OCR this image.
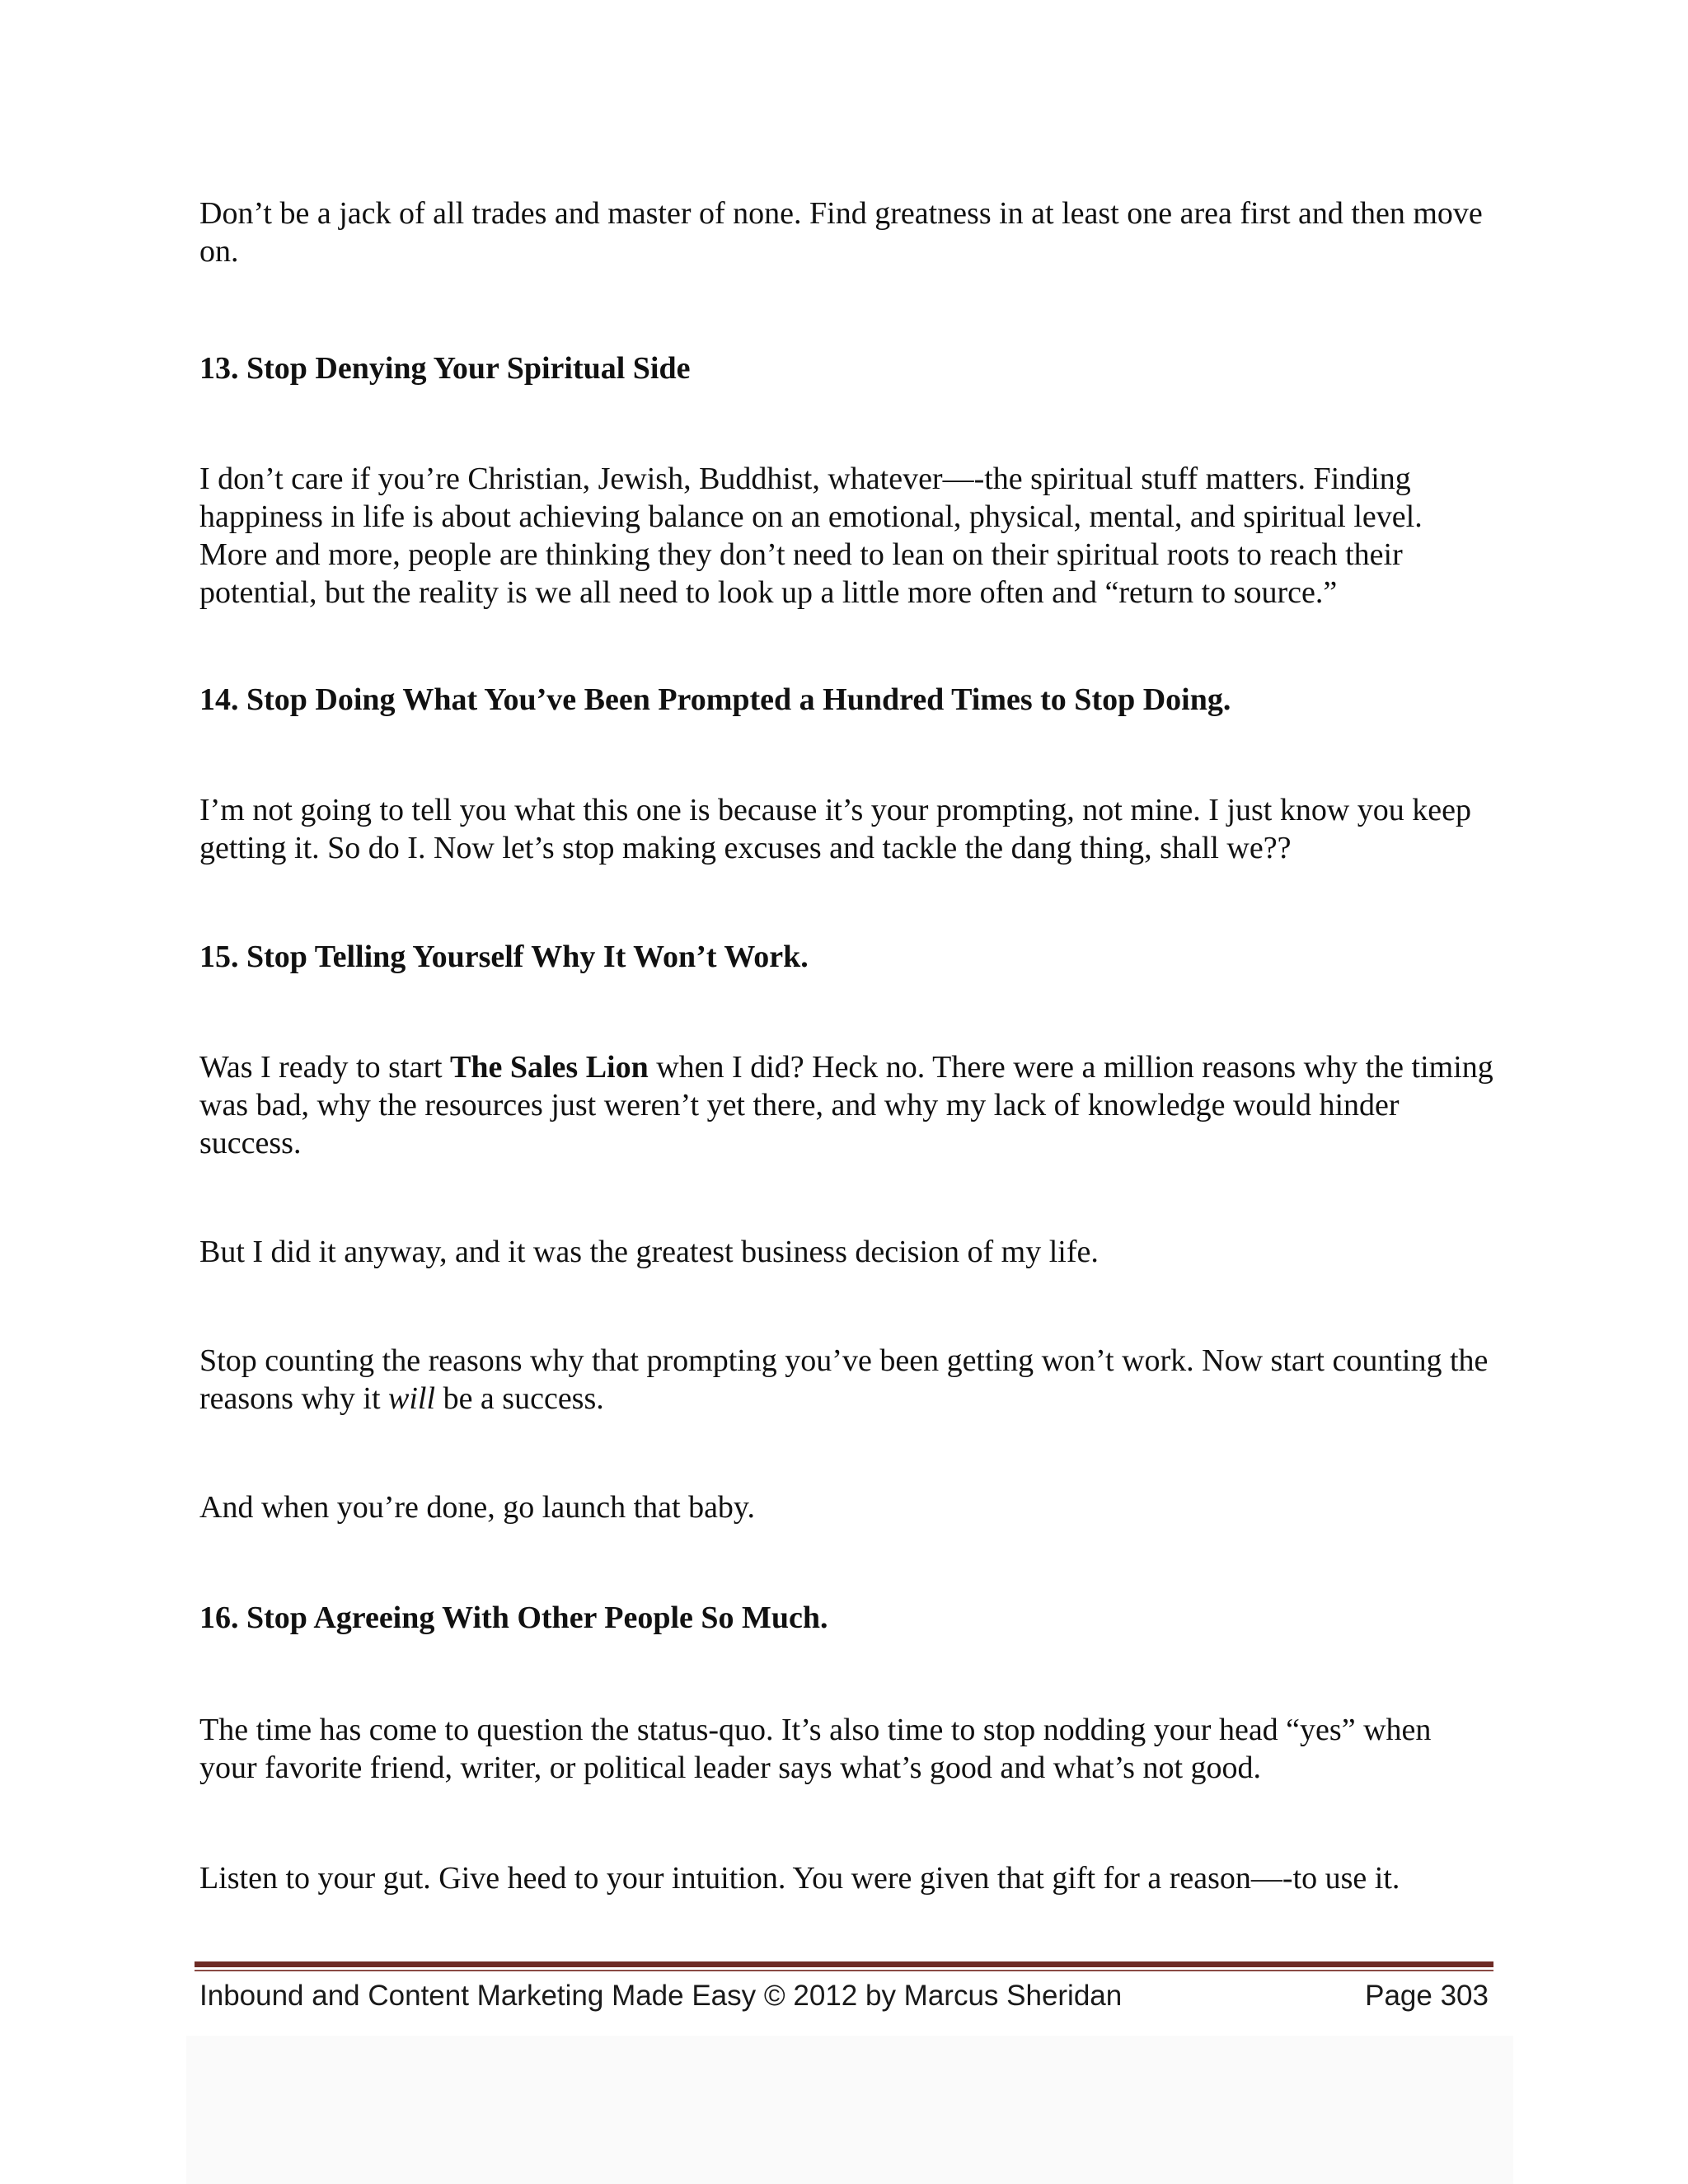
Don’t be a jack of all trades and master of none. Find greatness in at least one area first and then move on.

13. Stop Denying Your Spiritual Side

I don’t care if you’re Christian, Jewish, Buddhist, whatever—-the spiritual stuff matters. Finding happiness in life is about achieving balance on an emotional, physical, mental, and spiritual level. More and more, people are thinking they don’t need to lean on their spiritual roots to reach their potential, but the reality is we all need to look up a little more often and “return to source.”

14. Stop Doing What You’ve Been Prompted a Hundred Times to Stop Doing.

I’m not going to tell you what this one is because it’s your prompting, not mine. I just know you keep getting it. So do I. Now let’s stop making excuses and tackle the dang thing, shall we??

15. Stop Telling Yourself Why It Won’t Work.

Was I ready to start The Sales Lion when I did? Heck no. There were a million reasons why the timing was bad, why the resources just weren’t yet there, and why my lack of knowledge would hinder success.

But I did it anyway, and it was the greatest business decision of my life.

Stop counting the reasons why that prompting you’ve been getting won’t work. Now start counting the reasons why it will be a success.

And when you’re done, go launch that baby.

16. Stop Agreeing With Other People So Much.

The time has come to question the status-quo. It’s also time to stop nodding your head “yes” when your favorite friend, writer, or political leader says what’s good and what’s not good.

Listen to your gut. Give heed to your intuition. You were given that gift for a reason—-to use it.

Inbound and Content Marketing Made Easy © 2012 by Marcus Sheridan	Page 303
